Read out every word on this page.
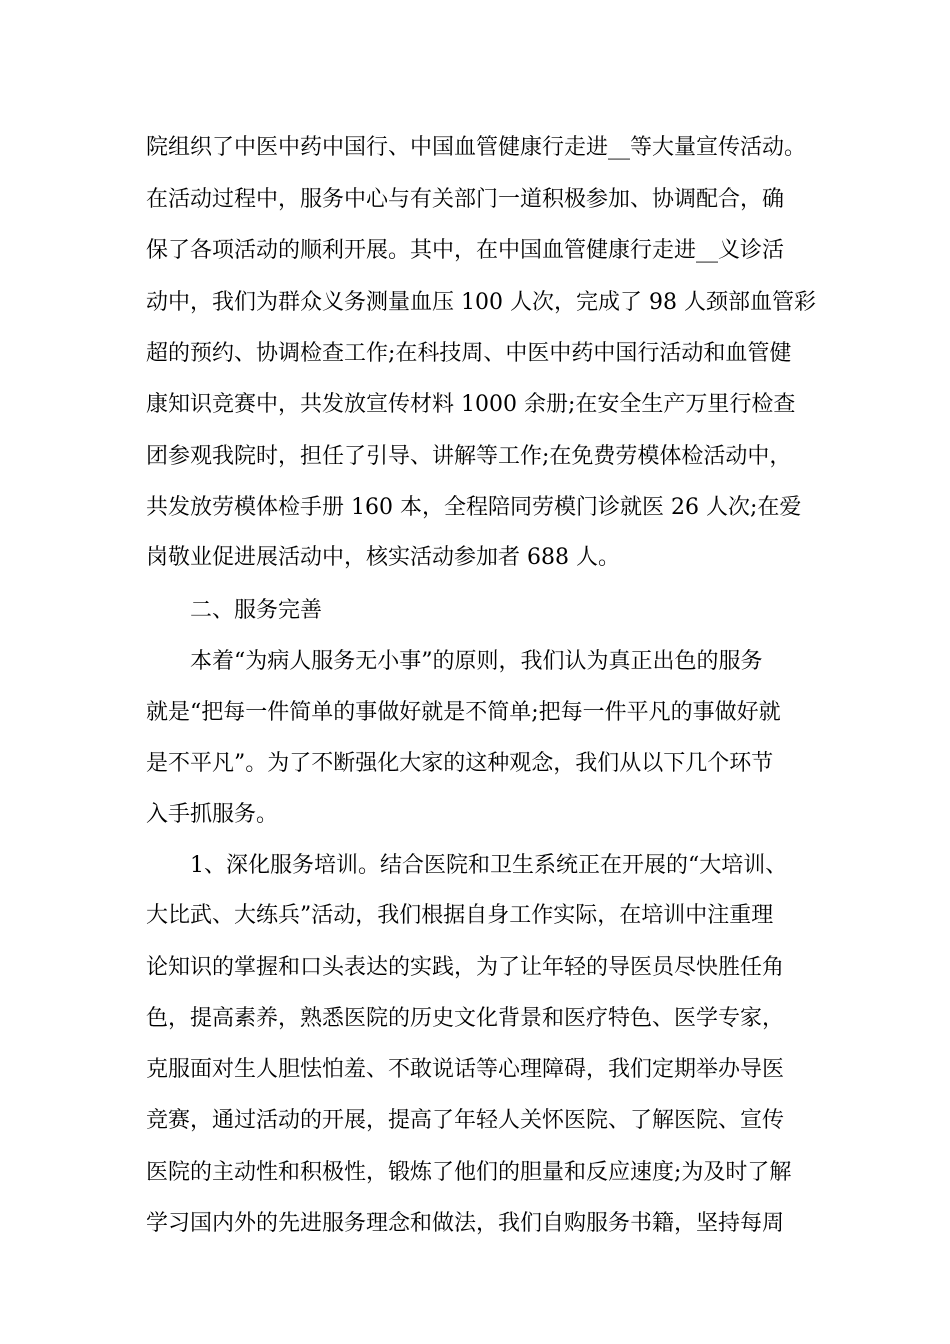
院组织了中医中药中国行、中国血管健康行走进__等大量宣传活动。
在活动过程中，服务中心与有关部门一道积极参加、协调配合，确
保了各项活动的顺利开展。其中，在中国血管健康行走进__义诊活
动中，我们为群众义务测量血压 100 人次，完成了 98 人颈部血管彩
超的预约、协调检查工作;在科技周、中医中药中国行活动和血管健
康知识竞赛中，共发放宣传材料 1000 余册;在安全生产万里行检查
团参观我院时，担任了引导、讲解等工作;在免费劳模体检活动中，
共发放劳模体检手册 160 本，全程陪同劳模门诊就医 26 人次;在爱
岗敬业促进展活动中，核实活动参加者 688 人。
二、服务完善
本着“为病人服务无小事”的原则，我们认为真正出色的服务
就是“把每一件简单的事做好就是不简单;把每一件平凡的事做好就
是不平凡”。为了不断强化大家的这种观念，我们从以下几个环节
入手抓服务。
1、深化服务培训。结合医院和卫生系统正在开展的“大培训、
大比武、大练兵”活动，我们根据自身工作实际，在培训中注重理
论知识的掌握和口头表达的实践，为了让年轻的导医员尽快胜任角
色，提高素养，熟悉医院的历史文化背景和医疗特色、医学专家，
克服面对生人胆怯怕羞、不敢说话等心理障碍，我们定期举办导医
竞赛，通过活动的开展，提高了年轻人关怀医院、了解医院、宣传
医院的主动性和积极性，锻炼了他们的胆量和反应速度;为及时了解
学习国内外的先进服务理念和做法，我们自购服务书籍，坚持每周
